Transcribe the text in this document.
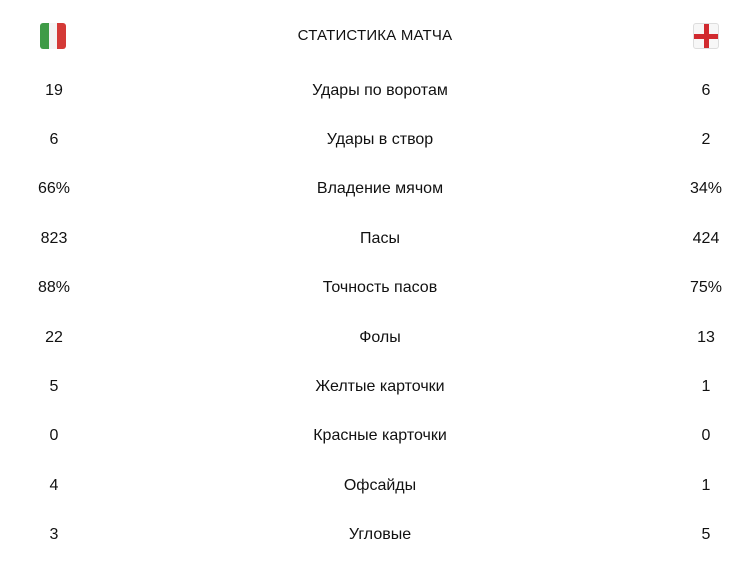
СТАТИСТИКА МАТЧА
19	Удары по воротам	6
6	Удары в створ	2
66%	Владение мячом	34%
823	Пасы	424
88%	Точность пасов	75%
22	Фолы	13
5	Желтые карточки	1
0	Красные карточки	0
4	Офсайды	1
3	Угловые	5
